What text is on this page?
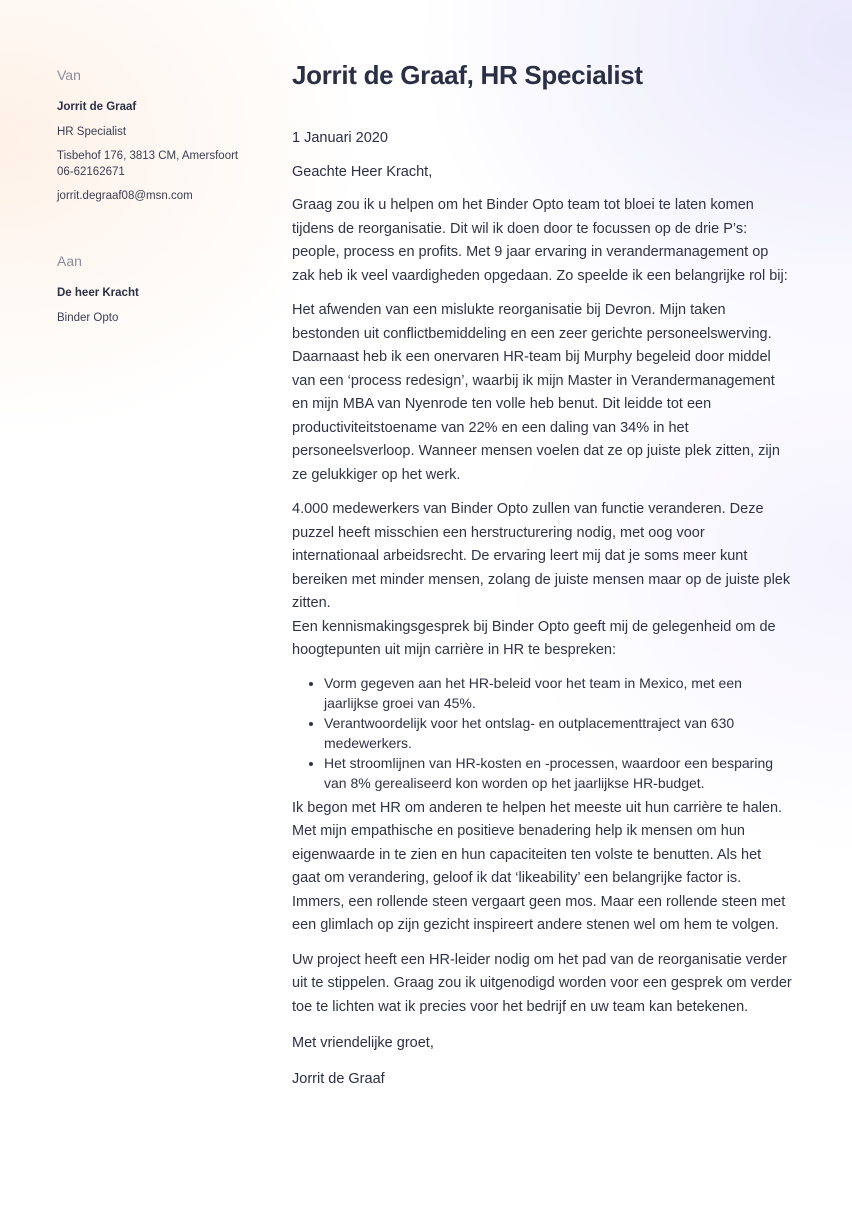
Van
Jorrit de Graaf
HR Specialist
Tisbehof 176, 3813 CM, Amersfoort
06-62162671
jorrit.degraaf08@msn.com
Aan
De heer Kracht
Binder Opto
Jorrit de Graaf, HR Specialist
1 Januari 2020
Geachte Heer Kracht,

Graag zou ik u helpen om het Binder Opto team tot bloei te laten komen tijdens de reorganisatie. Dit wil ik doen door te focussen op de drie P’s: people, process en profits. Met 9 jaar ervaring in verandermanagement op zak heb ik veel vaardigheden opgedaan. Zo speelde ik een belangrijke rol bij:

Het afwenden van een mislukte reorganisatie bij Devron. Mijn taken bestonden uit conflictbemiddeling en een zeer gerichte personeelswerving. Daarnaast heb ik een onervaren HR-team bij Murphy begeleid door middel van een ‘process redesign’, waarbij ik mijn Master in Verandermanagement en mijn MBA van Nyenrode ten volle heb benut. Dit leidde tot een productiviteitstoename van 22% en een daling van 34% in het personeelsverloop. Wanneer mensen voelen dat ze op juiste plek zitten, zijn ze gelukkiger op het werk.

4.000 medewerkers van Binder Opto zullen van functie veranderen. Deze puzzel heeft misschien een herstructurering nodig, met oog voor internationaal arbeidsrecht. De ervaring leert mij dat je soms meer kunt bereiken met minder mensen, zolang de juiste mensen maar op de juiste plek zitten.

Een kennismakingsgesprek bij Binder Opto geeft mij de gelegenheid om de hoogtepunten uit mijn carrière in HR te bespreken:

• Vorm gegeven aan het HR-beleid voor het team in Mexico, met een jaarlijkse groei van 45%.
• Verantwoordelijk voor het ontslag- en outplacementtraject van 630 medewerkers.
• Het stroomlijnen van HR-kosten en -processen, waardoor een besparing van 8% gerealiseerd kon worden op het jaarlijkse HR-budget.

Ik begon met HR om anderen te helpen het meeste uit hun carrière te halen. Met mijn empathische en positieve benadering help ik mensen om hun eigenwaarde in te zien en hun capaciteiten ten volste te benutten. Als het gaat om verandering, geloof ik dat ‘likeability’ een belangrijke factor is. Immers, een rollende steen vergaart geen mos. Maar een rollende steen met een glimlach op zijn gezicht inspireert andere stenen wel om hem te volgen.

Uw project heeft een HR-leider nodig om het pad van de reorganisatie verder uit te stippelen. Graag zou ik uitgenodigd worden voor een gesprek om verder toe te lichten wat ik precies voor het bedrijf en uw team kan betekenen.

Met vriendelijke groet,
Jorrit de Graaf
